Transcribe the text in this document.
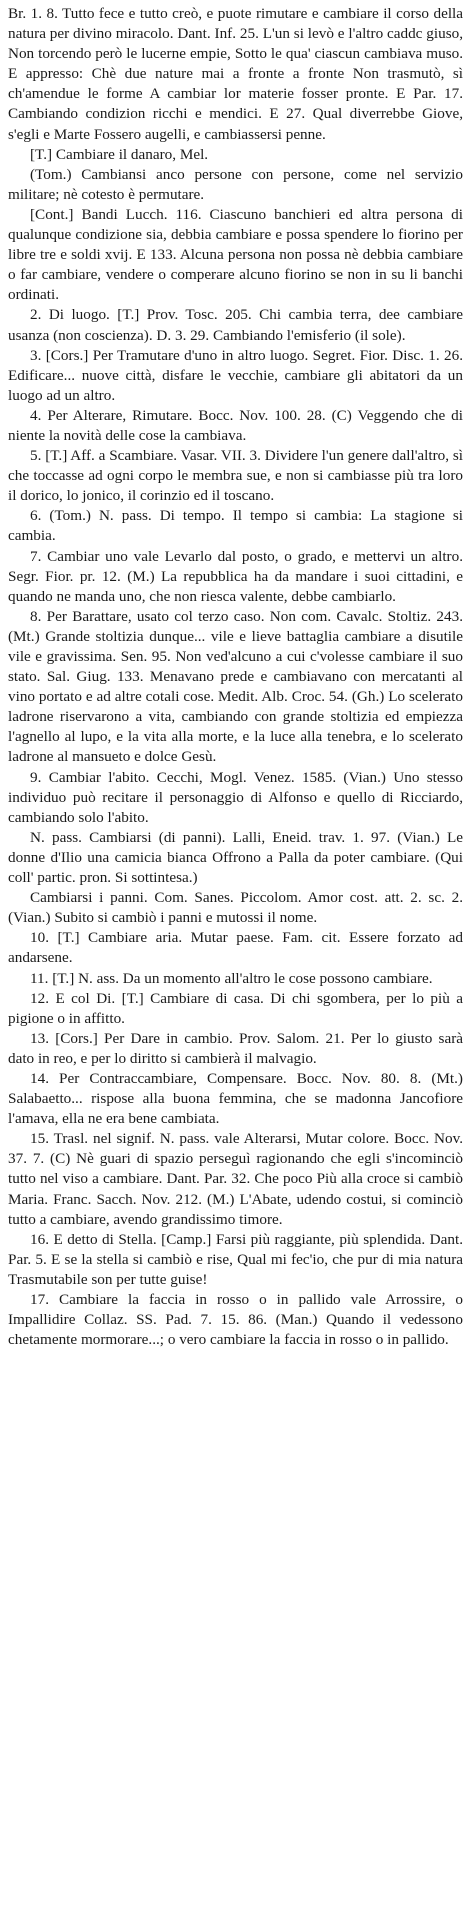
Br. 1. 8. Tutto fece e tutto creò, e puote rimutare e cambiare il corso della natura per divino miracolo. Dant. Inf. 25. L'un si levò e l'altro caddc giuso, Non torcendo però le lucerne empie, Sotto le qua' ciascun cambiava muso. E appresso: Chè due nature mai a fronte a fronte Non trasmutò, sì ch'amendue le forme A cambiar lor materie fosser pronte. E Par. 17. Cambiando condizion ricchi e mendici. E 27. Qual diverrebbe Giove, s'egli e Marte Fossero augelli, e cambiassersi penne.

[T.] Cambiare il danaro, Mel.

(Tom.) Cambiansi anco persone con persone, come nel servizio militare; nè cotesto è permutare.

[Cont.] Bandi Lucch. 116. Ciascuno banchieri ed altra persona di qualunque condizione sia, debbia cambiare e possa spendere lo fiorino per libre tre e soldi xvij. E 133. Alcuna persona non possa nè debbia cambiare o far cambiare, vendere o comperare alcuno fiorino se non in su li banchi ordinati.

2. Di luogo. [T.] Prov. Tosc. 205. Chi cambia terra, dee cambiare usanza (non coscienza). D. 3. 29. Cambiando l'emisferio (il sole).

3. [Cors.] Per Tramutare d'uno in altro luogo. Segret. Fior. Disc. 1. 26. Edificare... nuove città, disfare le vecchie, cambiare gli abitatori da un luogo ad un altro.

4. Per Alterare, Rimutare. Bocc. Nov. 100. 28. (C) Veggendo che di niente la novità delle cose la cambiava.

5. [T.] Aff. a Scambiare. Vasar. VII. 3. Dividere l'un genere dall'altro, sì che toccasse ad ogni corpo le membra sue, e non si cambiasse più tra loro il dorico, lo jonico, il corinzio ed il toscano.

6. (Tom.) N. pass. Di tempo. Il tempo si cambia: La stagione si cambia.

7. Cambiar uno vale Levarlo dal posto, o grado, e mettervi un altro. Segr. Fior. pr. 12. (M.) La repubblica ha da mandare i suoi cittadini, e quando ne manda uno, che non riesca valente, debbe cambiarlo.

8. Per Barattare, usato col terzo caso. Non com. Cavalc. Stoltiz. 243. (Mt.) Grande stoltizia dunque... vile e lieve battaglia cambiare a disutile vile e gravissima. Sen. 95. Non ved'alcuno a cui c'volesse cambiare il suo stato. Sal. Giug. 133. Menavano prede e cambiavano con mercatanti al vino portato e ad altre cotali cose. Medit. Alb. Croc. 54. (Gh.) Lo scelerato ladrone riservarono a vita, cambiando con grande stoltizia ed empiezza l'agnello al lupo, e la vita alla morte, e la luce alla tenebra, e lo scelerato ladrone al mansueto e dolce Gesù.

9. Cambiar l'abito. Cecchi, Mogl. Venez. 1585. (Vian.) Uno stesso individuo può recitare il personaggio di Alfonso e quello di Ricciardo, cambiando solo l'abito.

N. pass. Cambiarsi (di panni). Lalli, Eneid. trav. 1. 97. (Vian.) Le donne d'Ilio una camicia bianca Offrono a Palla da poter cambiare. (Qui coll' partic. pron. Si sottintesa.)

Cambiarsi i panni. Com. Sanes. Piccolom. Amor cost. att. 2. sc. 2. (Vian.) Subito si cambiò i panni e mutossi il nome.

10. [T.] Cambiare aria. Mutar paese. Fam. cit. Essere forzato ad andarsene.

11. [T.] N. ass. Da un momento all'altro le cose possono cambiare.

12. E col Di. [T.] Cambiare di casa. Di chi sgombera, per lo più a pigione o in affitto.

13. [Cors.] Per Dare in cambio. Prov. Salom. 21. Per lo giusto sarà dato in reo, e per lo diritto si cambierà il malvagio.

14. Per Contraccambiare, Compensare. Bocc. Nov. 80. 8. (Mt.) Salabaetto... rispose alla buona femmina, che se madonna Jancofiore l'amava, ella ne era bene cambiata.

15. Trasl. nel signif. N. pass. vale Alterarsi, Mutar colore. Bocc. Nov. 37. 7. (C) Nè guari di spazio perseguì ragionando che egli s'incominciò tutto nel viso a cambiare. Dant. Par. 32. Che poco Più alla croce si cambiò Maria. Franc. Sacch. Nov. 212. (M.) L'Abate, udendo costui, si cominciò tutto a cambiare, avendo grandissimo timore.

16. E detto di Stella. [Camp.] Farsi più raggiante, più splendida. Dant. Par. 5. E se la stella si cambiò e rise, Qual mi fec'io, che pur di mia natura Trasmutabile son per tutte guise!

17. Cambiare la faccia in rosso o in pallido vale Arrossire, o Impallidire Collaz. SS. Pad. 7. 15. 86. (Man.) Quando il vedessono chetamente mormorare...; o vero cambiare la faccia in rosso o in pallido.
